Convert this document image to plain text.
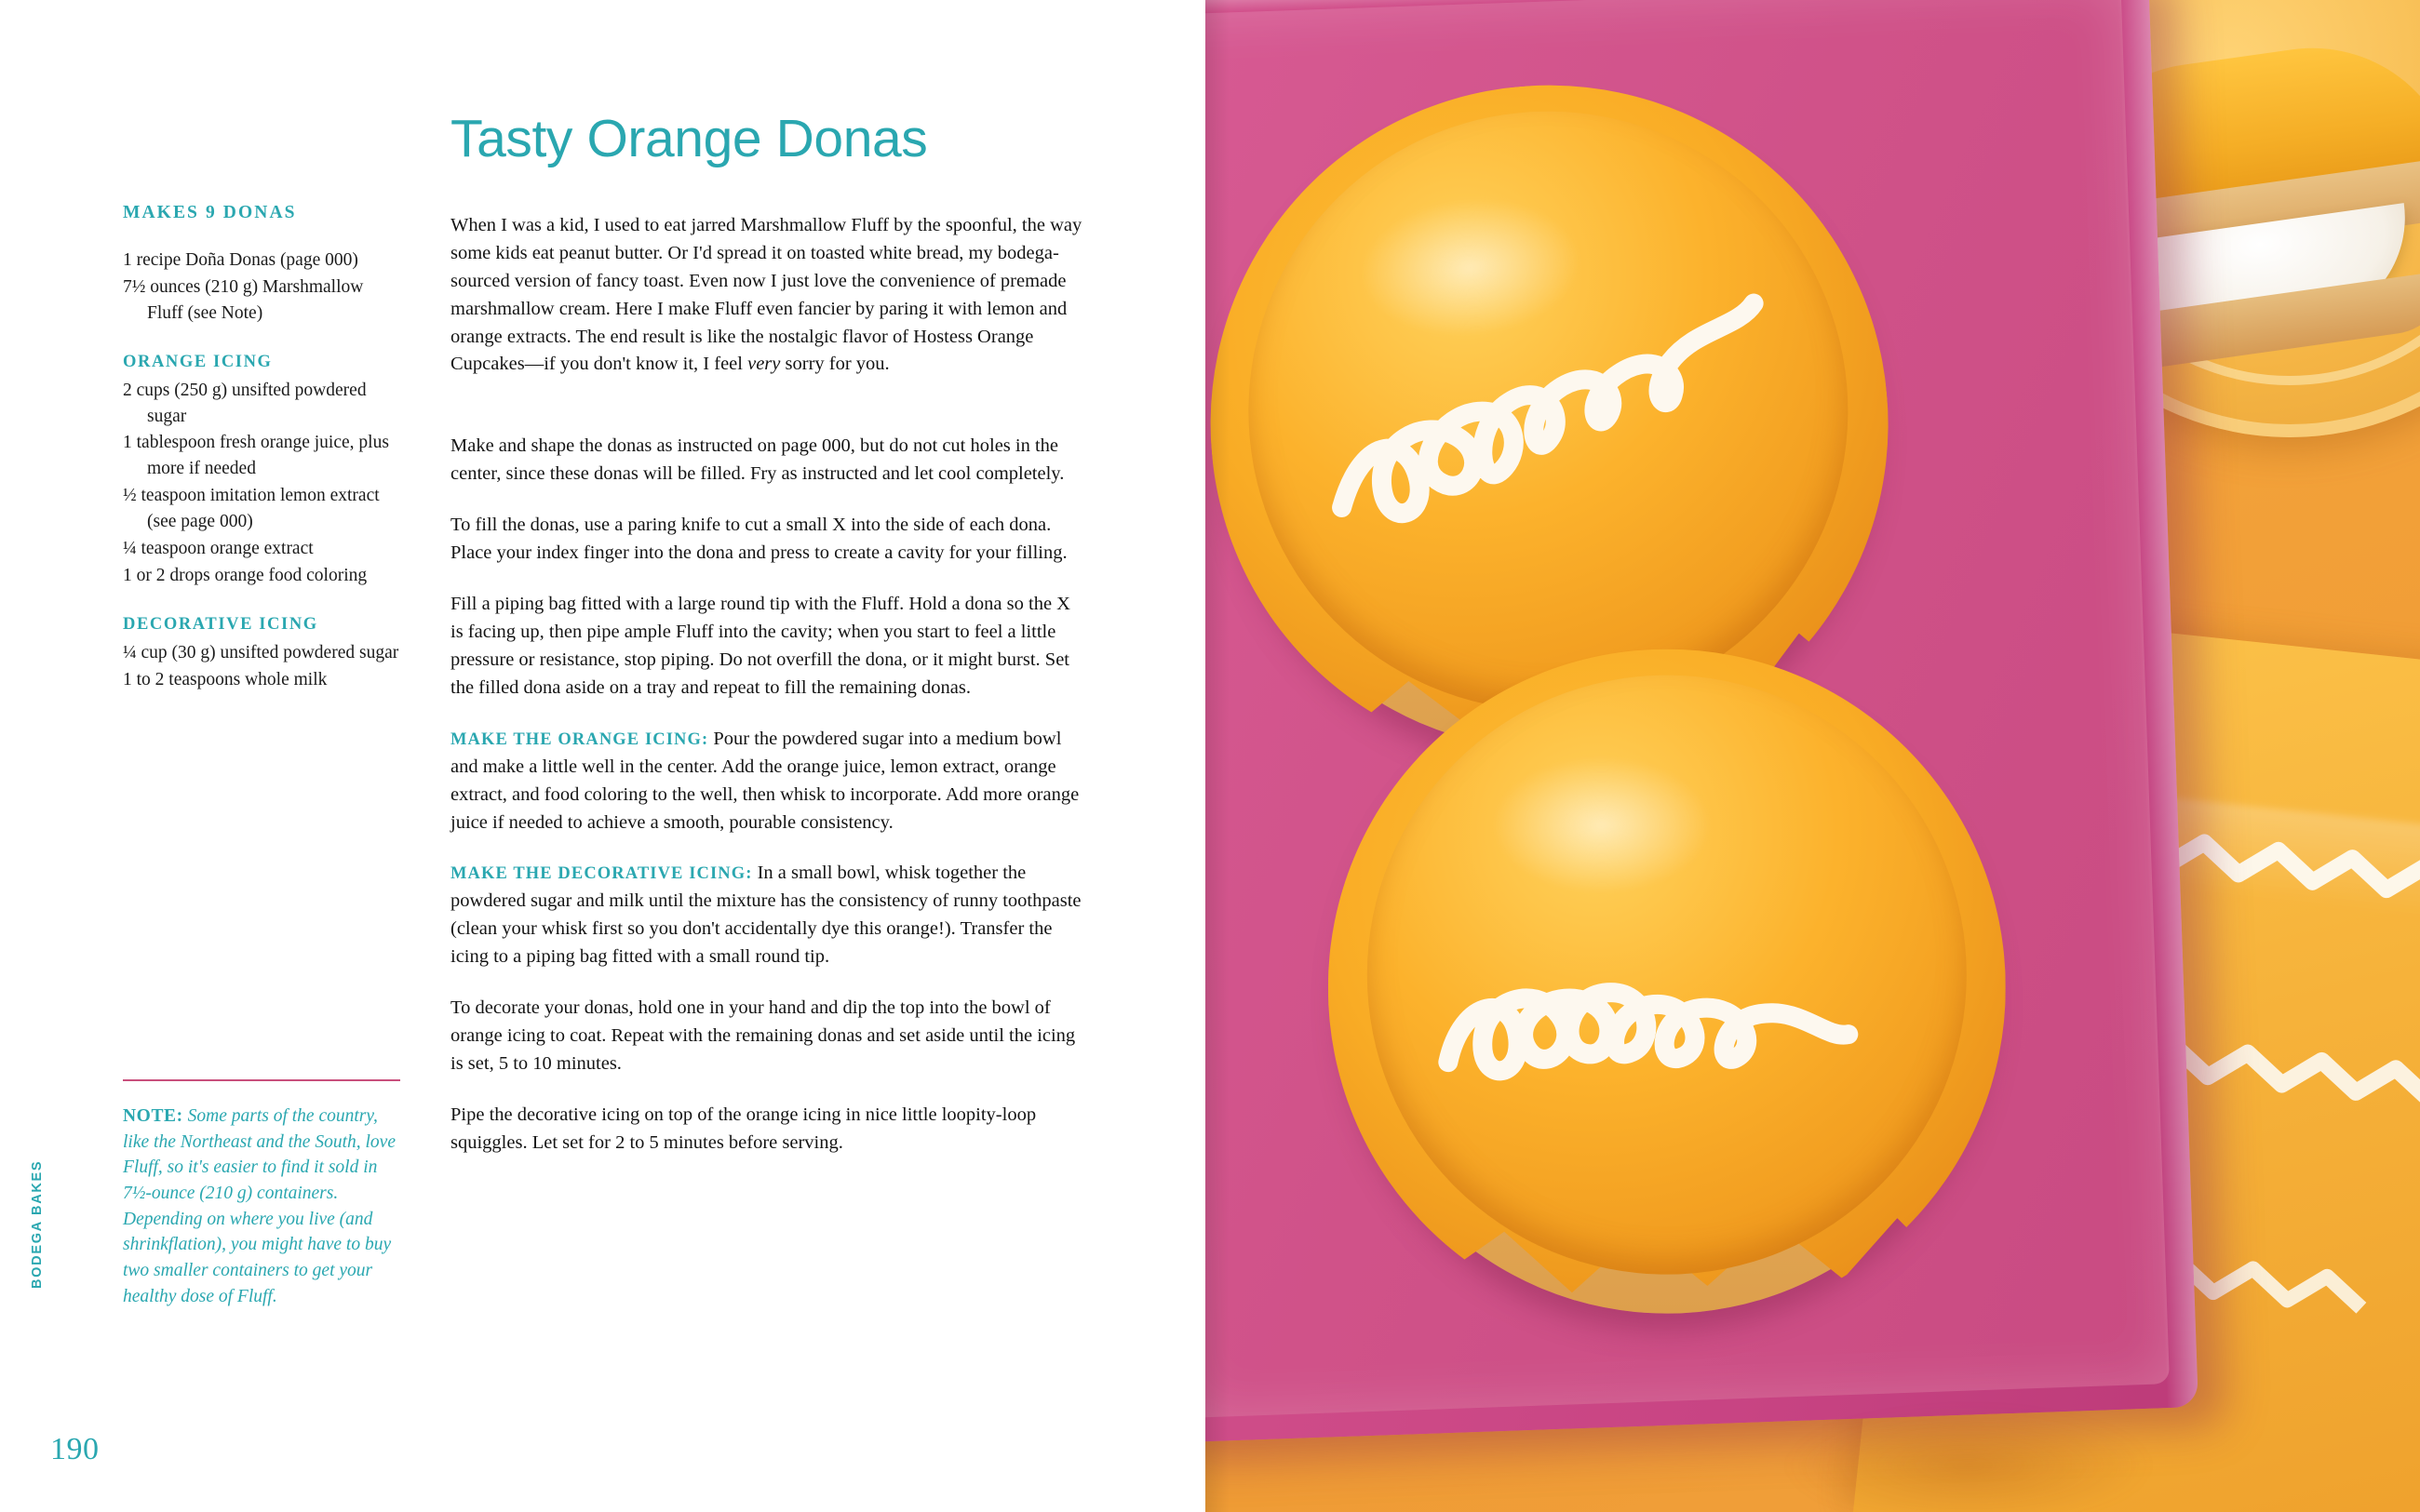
BODEGA BAKES
190
MAKES 9 DONAS
1 recipe Doña Donas (page 000)
7½ ounces (210 g) Marshmallow Fluff (see Note)
ORANGE ICING
2 cups (250 g) unsifted powdered sugar
1 tablespoon fresh orange juice, plus more if needed
½ teaspoon imitation lemon extract (see page 000)
¼ teaspoon orange extract
1 or 2 drops orange food coloring
DECORATIVE ICING
¼ cup (30 g) unsifted powdered sugar
1 to 2 teaspoons whole milk

NOTE: Some parts of the country, like the Northeast and the South, love Fluff, so it's easier to find it sold in 7½-ounce (210 g) containers. Depending on where you live (and shrinkflation), you might have to buy two smaller containers to get your healthy dose of Fluff.

Tasty Orange Donas

When I was a kid, I used to eat jarred Marshmallow Fluff by the spoonful, the way some kids eat peanut butter. Or I'd spread it on toasted white bread, my bodega-sourced version of fancy toast. Even now I just love the convenience of premade marshmallow cream. Here I make Fluff even fancier by paring it with lemon and orange extracts. The end result is like the nostalgic flavor of Hostess Orange Cupcakes—if you don't know it, I feel very sorry for you.

Make and shape the donas as instructed on page 000, but do not cut holes in the center, since these donas will be filled. Fry as instructed and let cool completely.

To fill the donas, use a paring knife to cut a small X into the side of each dona. Place your index finger into the dona and press to create a cavity for your filling.

Fill a piping bag fitted with a large round tip with the Fluff. Hold a dona so the X is facing up, then pipe ample Fluff into the cavity; when you start to feel a little pressure or resistance, stop piping. Do not overfill the dona, or it might burst. Set the filled dona aside on a tray and repeat to fill the remaining donas.

MAKE THE ORANGE ICING: Pour the powdered sugar into a medium bowl and make a little well in the center. Add the orange juice, lemon extract, orange extract, and food coloring to the well, then whisk to incorporate. Add more orange juice if needed to achieve a smooth, pourable consistency.

MAKE THE DECORATIVE ICING: In a small bowl, whisk together the powdered sugar and milk until the mixture has the consistency of runny toothpaste (clean your whisk first so you don't accidentally dye this orange!). Transfer the icing to a piping bag fitted with a small round tip.

To decorate your donas, hold one in your hand and dip the top into the bowl of orange icing to coat. Repeat with the remaining donas and set aside until the icing is set, 5 to 10 minutes.

Pipe the decorative icing on top of the orange icing in nice little loopity-loop squiggles. Let set for 2 to 5 minutes before serving.
